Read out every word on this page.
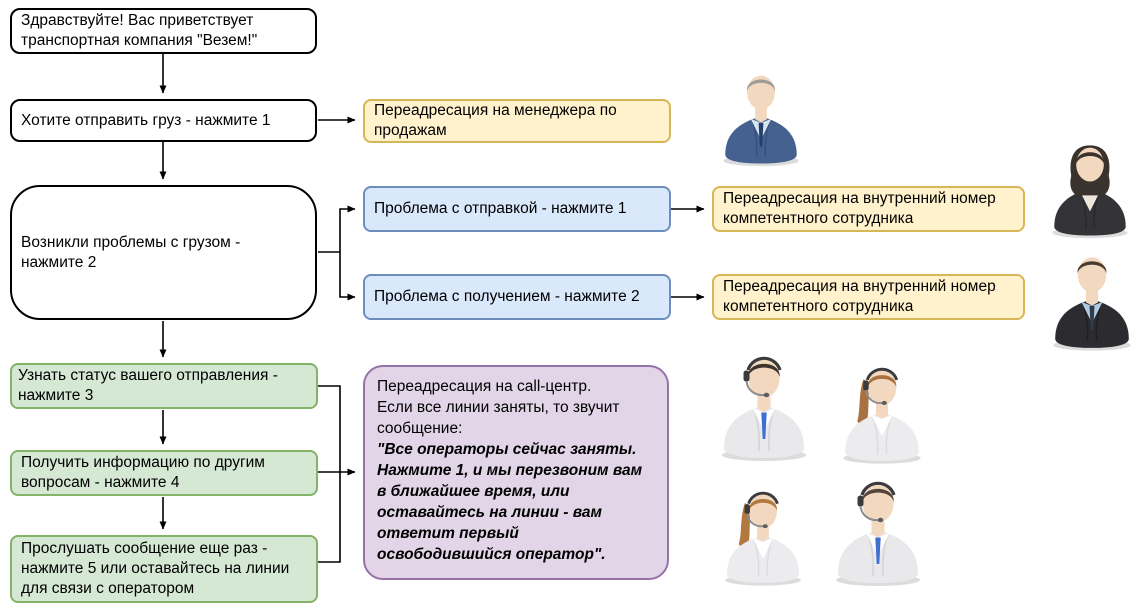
Здравствуйте! Вас приветствует транспортная компания "Везем!"
Хотите отправить груз - нажмите 1
Возникли проблемы с грузом - нажмите 2
Переадресация на менеджера по продажам
Проблема с отправкой - нажмите 1
Проблема с получением - нажмите 2
Переадресация на внутренний номер компетентного сотрудника
Переадресация на внутренний номер компетентного сотрудника
Узнать статус вашего отправления - нажмите 3
Получить информацию по другим вопросам - нажмите 4
Прослушать сообщение еще раз - нажмите 5 или оставайтесь на линии для связи с оператором
Переадресация на call-центр.
Если все линии заняты, то звучит сообщение:
"Все операторы сейчас заняты. Нажмите 1, и мы перезвоним вам в ближайшее время, или оставайтесь на линии - вам ответит первый освободившийся оператор".
